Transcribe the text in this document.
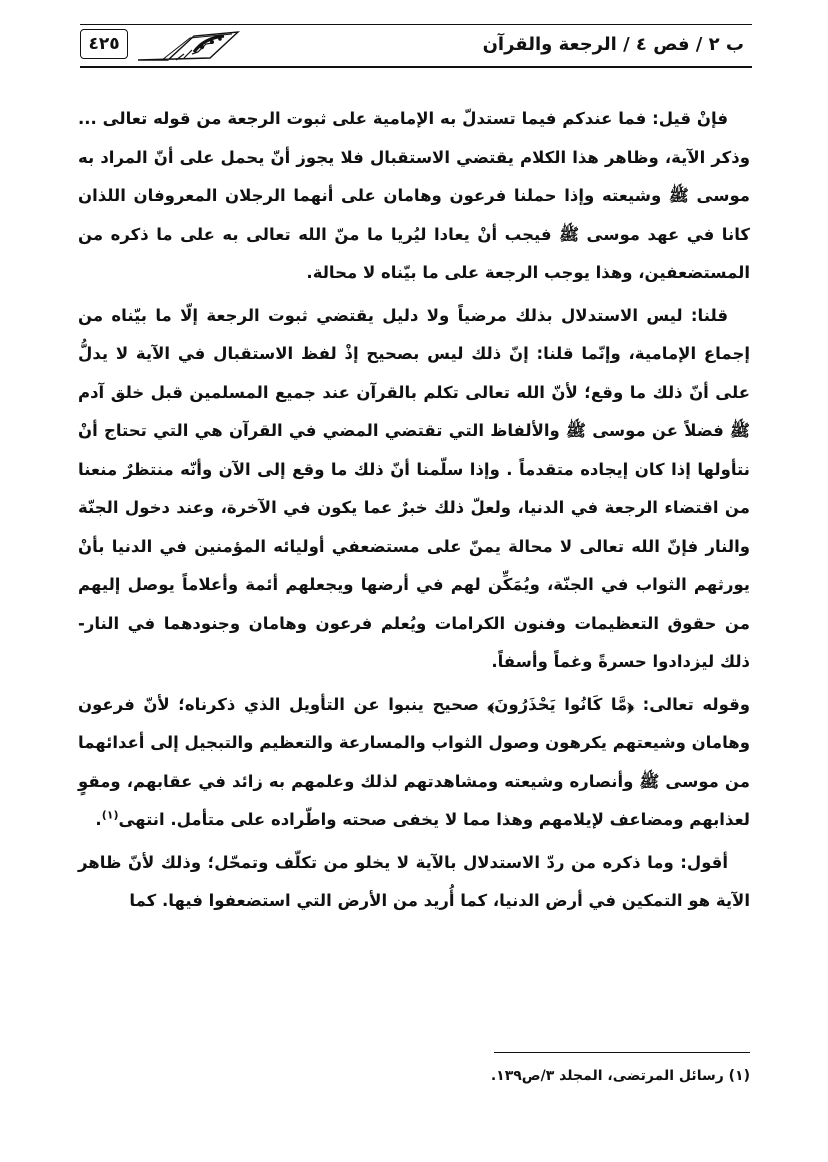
ب ٢ / فص ٤ / الرجعة والقرآن
٤٢٥

فإنْ قيل: فما عندكم فيما تستدلّ به الإمامية على ثبوت الرجعة من قوله تعالى ... وذكر الآية، وظاهر هذا الكلام يقتضي الاستقبال فلا يجوز أنّ يحمل على أنّ المراد به موسى ﷺ وشيعته وإذا حملنا فرعون وهامان على أنهما الرجلان المعروفان اللذان كانا في عهد موسى ﷺ فيجب أنْ يعادا ليُريا ما منّ الله تعالى به على ما ذكره من المستضعفين، وهذا يوجب الرجعة على ما بيّناه لا محالة.

قلنا: ليس الاستدلال بذلك مرضياً ولا دليل يقتضي ثبوت الرجعة إلّا ما بيّناه من إجماع الإمامية، وإنّما قلنا: إنّ ذلك ليس بصحيح إذْ لفظ الاستقبال في الآية لا يدلُّ على أنّ ذلك ما وقع؛ لأنّ الله تعالى تكلم بالقرآن عند جميع المسلمين قبل خلق آدم ﷺ فضلاً عن موسى ﷺ والألفاظ التي تقتضي المضي في القرآن هي التي تحتاج أنْ نتأولها إذا كان إيجاده متقدماً . وإذا سلّمنا أنّ ذلك ما وقع إلى الآن وأنّه منتظرٌ منعنا من اقتضاء الرجعة في الدنيا، ولعلّ ذلك خبرٌ عما يكون في الآخرة، وعند دخول الجنّة والنار فإنّ الله تعالى لا محالة يمنّ على مستضعفي أوليائه المؤمنين في الدنيا بأنْ يورثهم الثواب في الجنّة، ويُمَكِّن لهم في أرضها ويجعلهم أئمة وأعلاماً يوصل إليهم من حقوق التعظيمات وفنون الكرامات ويُعلم فرعون وهامان وجنودهما في النار- ذلك ليزدادوا حسرةً وغماً وأسفاً.

وقوله تعالى: ﴿مَّا كَانُوا يَحْذَرُونَ﴾ صحيح ينبوا عن التأويل الذي ذكرناه؛ لأنّ فرعون وهامان وشيعتهم يكرهون وصول الثواب والمسارعة والتعظيم والتبجيل إلى أعدائهما من موسى ﷺ وأنصاره وشيعته ومشاهدتهم لذلك وعلمهم به زائد في عقابهم، ومقوٍ لعذابهم ومضاعف لإيلامهم وهذا مما لا يخفى صحته واطّراده على متأمل. انتهى$^{(١)}$.

أقول: وما ذكره من ردّ الاستدلال بالآية لا يخلو من تكلّف وتمحّل؛ وذلك لأنّ ظاهر الآية هو التمكين في أرض الدنيا، كما أُريد من الأرض التي استضعفوا فيها. كما

(١) رسائل المرتضى، المجلد ٣/ص١٣٩.
